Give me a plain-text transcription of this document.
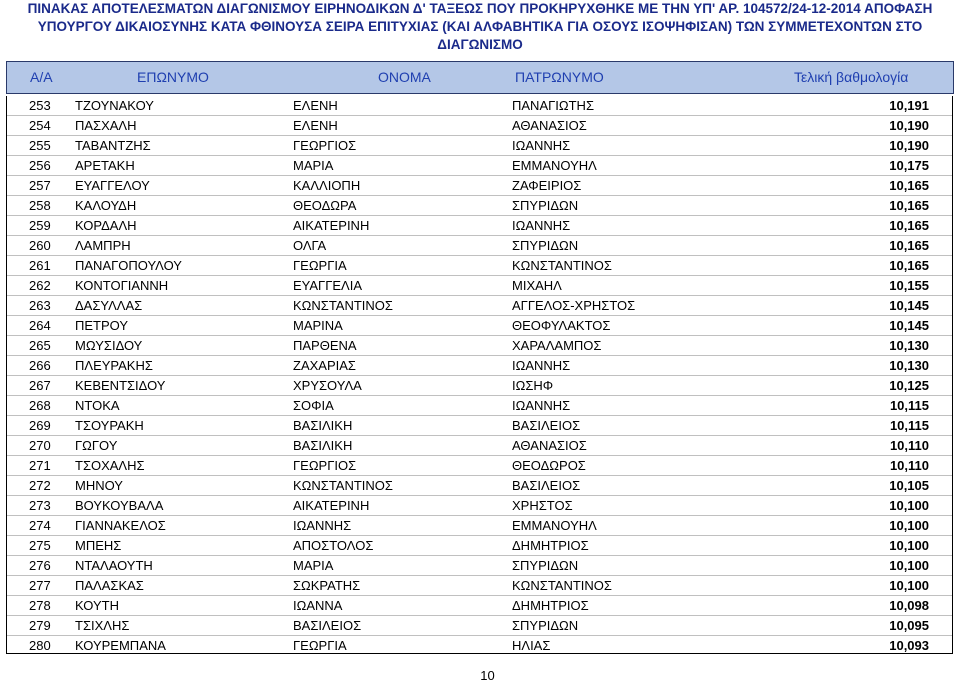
ΠΙΝΑΚΑΣ ΑΠΟΤΕΛΕΣΜΑΤΩΝ ΔΙΑΓΩΝΙΣΜΟΥ ΕΙΡΗΝΟΔΙΚΩΝ Δ' ΤΑΞΕΩΣ ΠΟΥ ΠΡΟΚΗΡΥΧΘΗΚΕ ΜΕ ΤΗΝ ΥΠ' ΑΡ. 104572/24-12-2014 ΑΠΟΦΑΣΗ
ΥΠΟΥΡΓΟΥ ΔΙΚΑΙΟΣΥΝΗΣ ΚΑΤΑ ΦΘΙΝΟΥΣΑ ΣΕΙΡΑ ΕΠΙΤΥΧΙΑΣ (ΚΑΙ ΑΛΦΑΒΗΤΙΚΑ ΓΙΑ ΟΣΟΥΣ ΙΣΟΨΗΦΙΣΑΝ) ΤΩΝ ΣΥΜΜΕΤΕΧΟΝΤΩΝ ΣΤΟ
ΔΙΑΓΩΝΙΣΜΟ
Α/Α	ΕΠΩΝΥΜΟ	ΟΝΟΜΑ	ΠΑΤΡΩΝΥΜΟ	Τελική βαθμολογία
253 ΤΖΟΥΝΑΚΟΥ	ΕΛΕΝΗ	ΠΑΝΑΓΙΩΤΗΣ	10,191
254 ΠΑΣΧΑΛΗ	ΕΛΕΝΗ	ΑΘΑΝΑΣΙΟΣ	10,190
255 ΤΑΒΑΝΤΖΗΣ	ΓΕΩΡΓΙΟΣ	ΙΩΑΝΝΗΣ	10,190
256 ΑΡΕΤΑΚΗ	ΜΑΡΙΑ	ΕΜΜΑΝΟΥΗΛ	10,175
257 ΕΥΑΓΓΕΛΟΥ	ΚΑΛΛΙΟΠΗ	ΖΑΦΕΙΡΙΟΣ	10,165
258 ΚΑΛΟΥΔΗ	ΘΕΟΔΩΡΑ	ΣΠΥΡΙΔΩΝ	10,165
259 ΚΟΡΔΑΛΗ	ΑΙΚΑΤΕΡΙΝΗ	ΙΩΑΝΝΗΣ	10,165
260 ΛΑΜΠΡΗ	ΟΛΓΑ	ΣΠΥΡΙΔΩΝ	10,165
261 ΠΑΝΑΓΟΠΟΥΛΟΥ	ΓΕΩΡΓΙΑ	ΚΩΝΣΤΑΝΤΙΝΟΣ	10,165
262 ΚΟΝΤΟΓΙΑΝΝΗ	ΕΥΑΓΓΕΛΙΑ	ΜΙΧΑΗΛ	10,155
263 ΔΑΣΥΛΛΑΣ	ΚΩΝΣΤΑΝΤΙΝΟΣ	ΑΓΓΕΛΟΣ-ΧΡΗΣΤΟΣ	10,145
264 ΠΕΤΡΟΥ	ΜΑΡΙΝΑ	ΘΕΟΦΥΛΑΚΤΟΣ	10,145
265 ΜΩΥΣΙΔΟΥ	ΠΑΡΘΕΝΑ	ΧΑΡΑΛΑΜΠΟΣ	10,130
266 ΠΛΕΥΡΑΚΗΣ	ΖΑΧΑΡΙΑΣ	ΙΩΑΝΝΗΣ	10,130
267 ΚΕΒΕΝΤΣΙΔΟΥ	ΧΡΥΣΟΥΛΑ	ΙΩΣΗΦ	10,125
268 ΝΤΟΚΑ	ΣΟΦΙΑ	ΙΩΑΝΝΗΣ	10,115
269 ΤΣΟΥΡΑΚΗ	ΒΑΣΙΛΙΚΗ	ΒΑΣΙΛΕΙΟΣ	10,115
270 ΓΩΓΟΥ	ΒΑΣΙΛΙΚΗ	ΑΘΑΝΑΣΙΟΣ	10,110
271 ΤΣΟΧΑΛΗΣ	ΓΕΩΡΓΙΟΣ	ΘΕΟΔΩΡΟΣ	10,110
272 ΜΗΝΟΥ	ΚΩΝΣΤΑΝΤΙΝΟΣ	ΒΑΣΙΛΕΙΟΣ	10,105
273 ΒΟΥΚΟΥΒΑΛΑ	ΑΙΚΑΤΕΡΙΝΗ	ΧΡΗΣΤΟΣ	10,100
274 ΓΙΑΝΝΑΚΕΛΟΣ	ΙΩΑΝΝΗΣ	ΕΜΜΑΝΟΥΗΛ	10,100
275 ΜΠΕΗΣ	ΑΠΟΣΤΟΛΟΣ	ΔΗΜΗΤΡΙΟΣ	10,100
276 ΝΤΑΛΑΟΥΤΗ	ΜΑΡΙΑ	ΣΠΥΡΙΔΩΝ	10,100
277 ΠΑΛΑΣΚΑΣ	ΣΩΚΡΑΤΗΣ	ΚΩΝΣΤΑΝΤΙΝΟΣ	10,100
278 ΚΟΥΤΗ	ΙΩΑΝΝΑ	ΔΗΜΗΤΡΙΟΣ	10,098
279 ΤΣΙΧΛΗΣ	ΒΑΣΙΛΕΙΟΣ	ΣΠΥΡΙΔΩΝ	10,095
280 ΚΟΥΡΕΜΠΑΝΑ	ΓΕΩΡΓΙΑ	ΗΛΙΑΣ	10,093
10
